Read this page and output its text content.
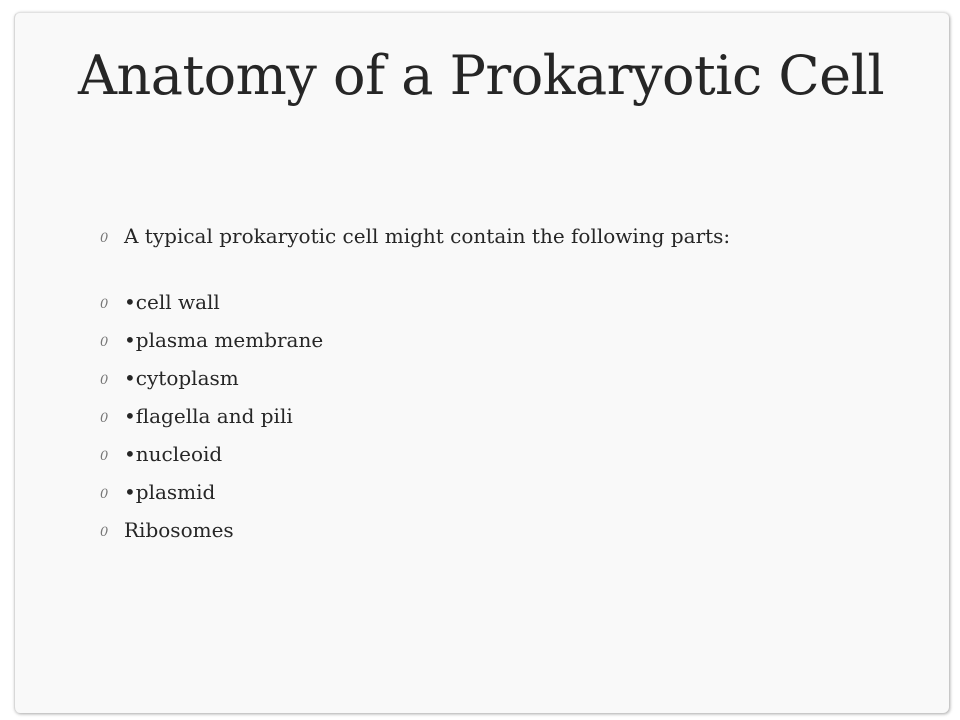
Anatomy of a Prokaryotic Cell
0 A typical prokaryotic cell might contain the following parts:
0 •cell wall
0 •plasma membrane
0 •cytoplasm
0 •flagella and pili
0 •nucleoid
0 •plasmid
0 Ribosomes
